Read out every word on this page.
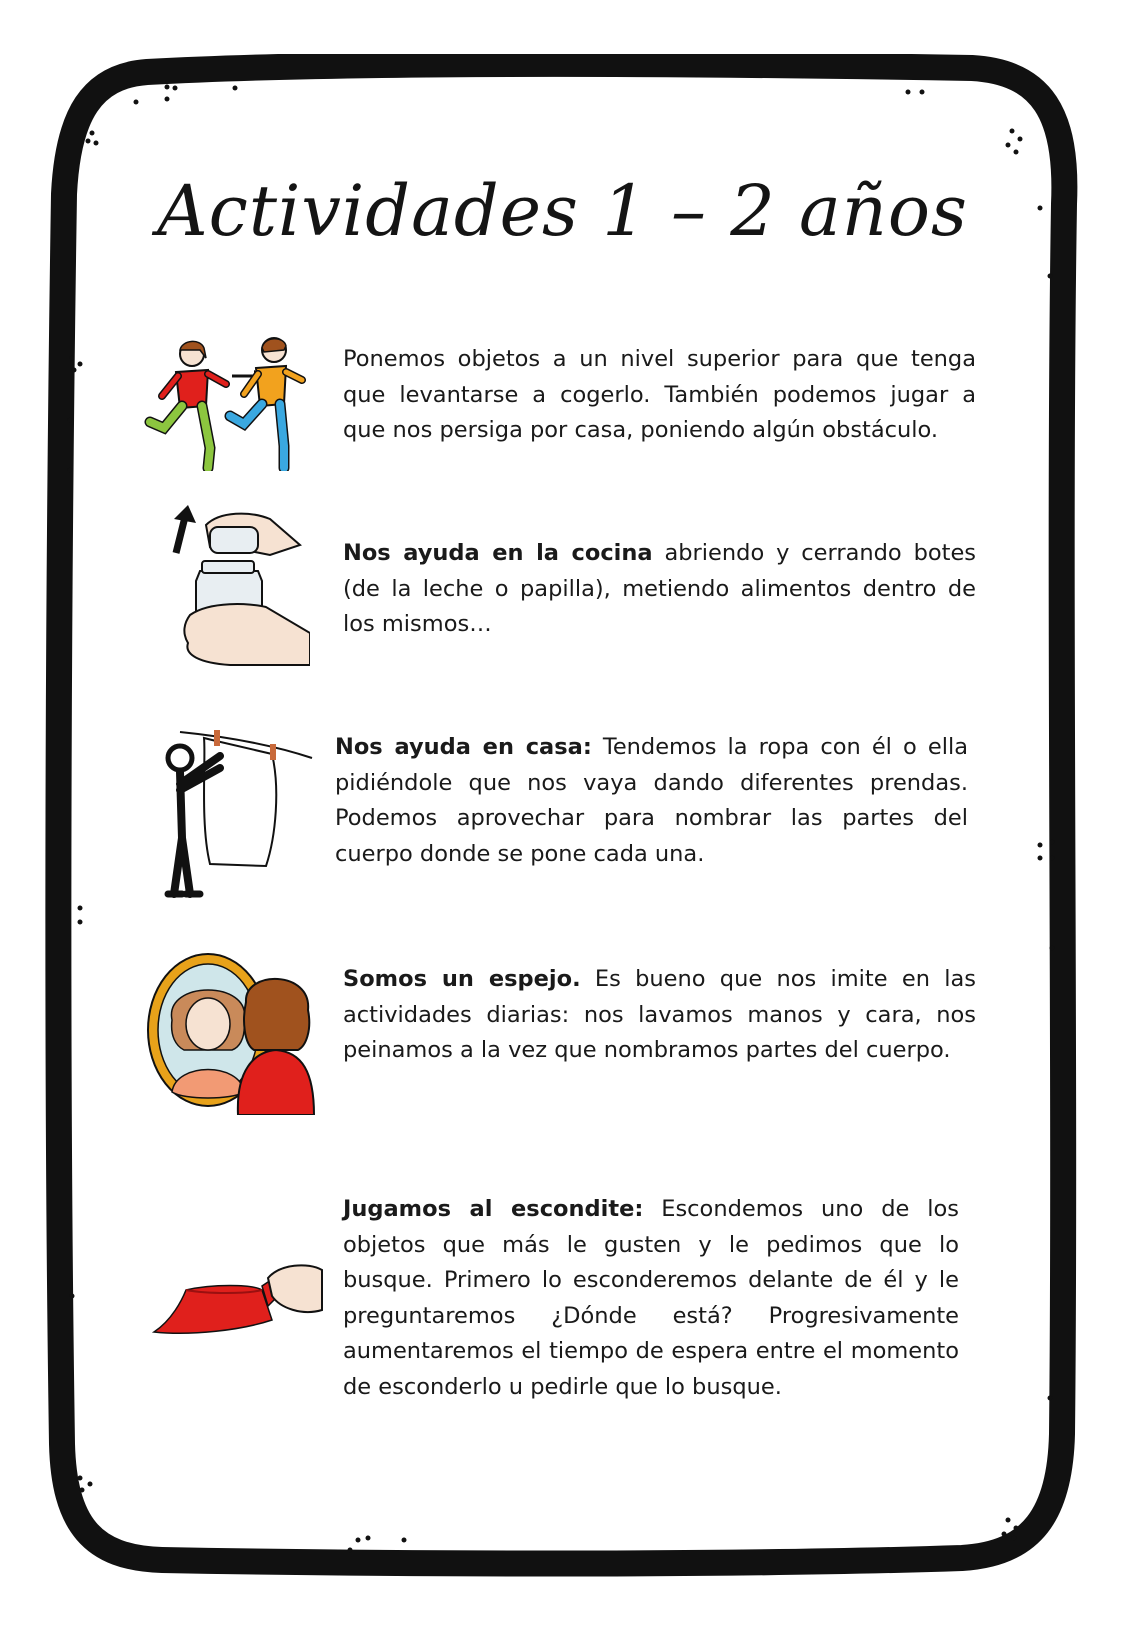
Actividades 1 – 2 años
Ponemos objetos a un nivel superior para que tenga que levantarse a cogerlo. También podemos jugar a que nos persiga por casa, poniendo algún obstáculo.
Nos ayuda en la cocina abriendo y cerrando botes (de la leche o papilla), metiendo alimentos dentro de los mismos…
Nos ayuda en casa: Tendemos la ropa con él o ella pidiéndole que nos vaya dando diferentes prendas. Podemos aprovechar para nombrar las partes del cuerpo donde se pone cada una.
Somos un espejo. Es bueno que nos imite en las actividades diarias: nos lavamos manos y cara, nos peinamos a la vez que nombramos partes del cuerpo.
Jugamos al escondite: Escondemos uno de los objetos que más le gusten y le pedimos que lo busque. Primero lo esconderemos delante de él y le preguntaremos ¿Dónde está? Progresivamente aumentaremos el tiempo de espera entre el momento de esconderlo u pedirle que lo busque.
